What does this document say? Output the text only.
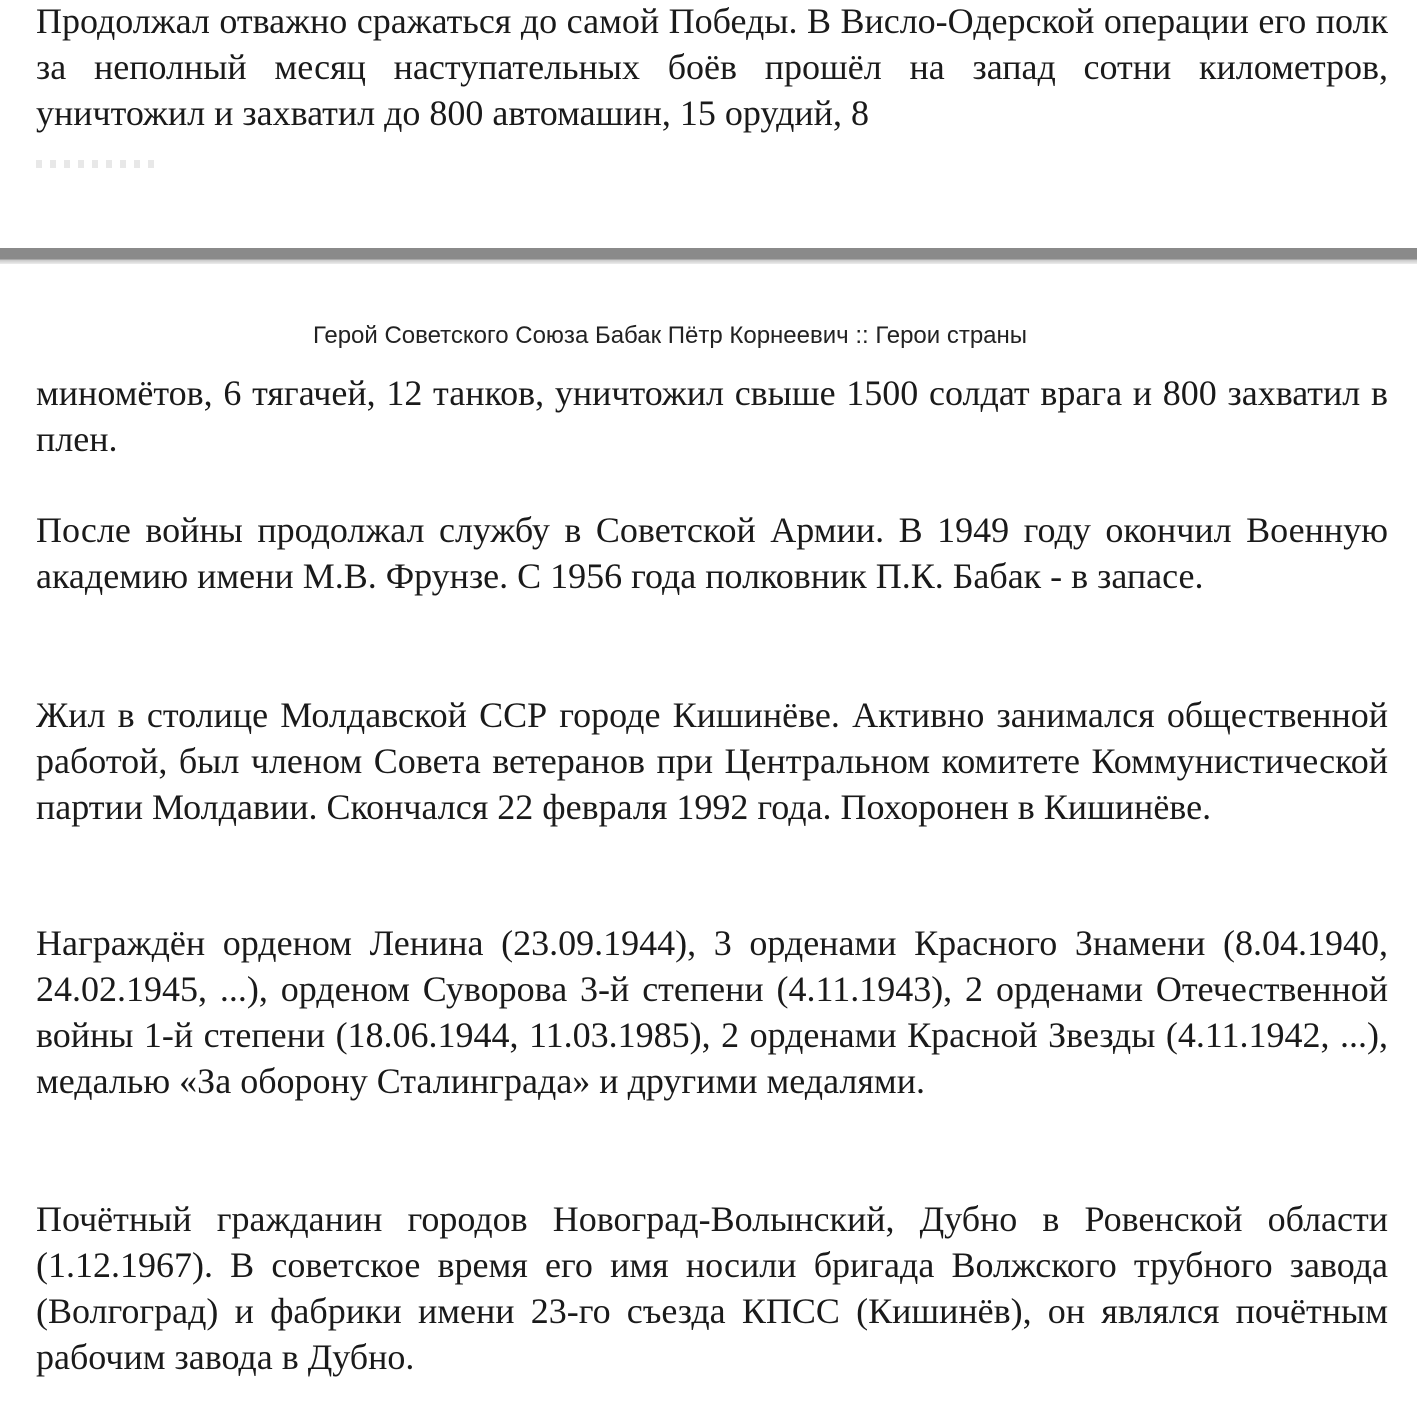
Продолжал отважно сражаться до самой Победы. В Висло-Одерской операции его полк за неполный месяц наступательных боёв прошёл на запад сотни километров, уничтожил и захватил до 800 автомашин, 15 орудий, 8

Герой Советского Союза Бабак Пётр Корнеевич :: Герои страны

миномётов, 6 тягачей, 12 танков, уничтожил свыше 1500 солдат врага и 800 захватил в плен.

После войны продолжал службу в Советской Армии. В 1949 году окончил Военную академию имени М.В. Фрунзе. С 1956 года полковник П.К. Бабак - в запасе.

Жил в столице Молдавской ССР городе Кишинёве. Активно занимался общественной работой, был членом Совета ветеранов при Центральном комитете Коммунистической партии Молдавии. Скончался 22 февраля 1992 года. Похоронен в Кишинёве.

Награждён орденом Ленина (23.09.1944), 3 орденами Красного Знамени (8.04.1940, 24.02.1945, ...), орденом Суворова 3-й степени (4.11.1943), 2 орденами Отечественной войны 1-й степени (18.06.1944, 11.03.1985), 2 орденами Красной Звезды (4.11.1942, ...), медалью «За оборону Сталинграда» и другими медалями.

Почётный гражданин городов Новоград-Волынский, Дубно в Ровенской области (1.12.1967). В советское время его имя носили бригада Волжского трубного завода (Волгоград) и фабрики имени 23-го съезда КПСС (Кишинёв), он являлся почётным рабочим завода в Дубно.
